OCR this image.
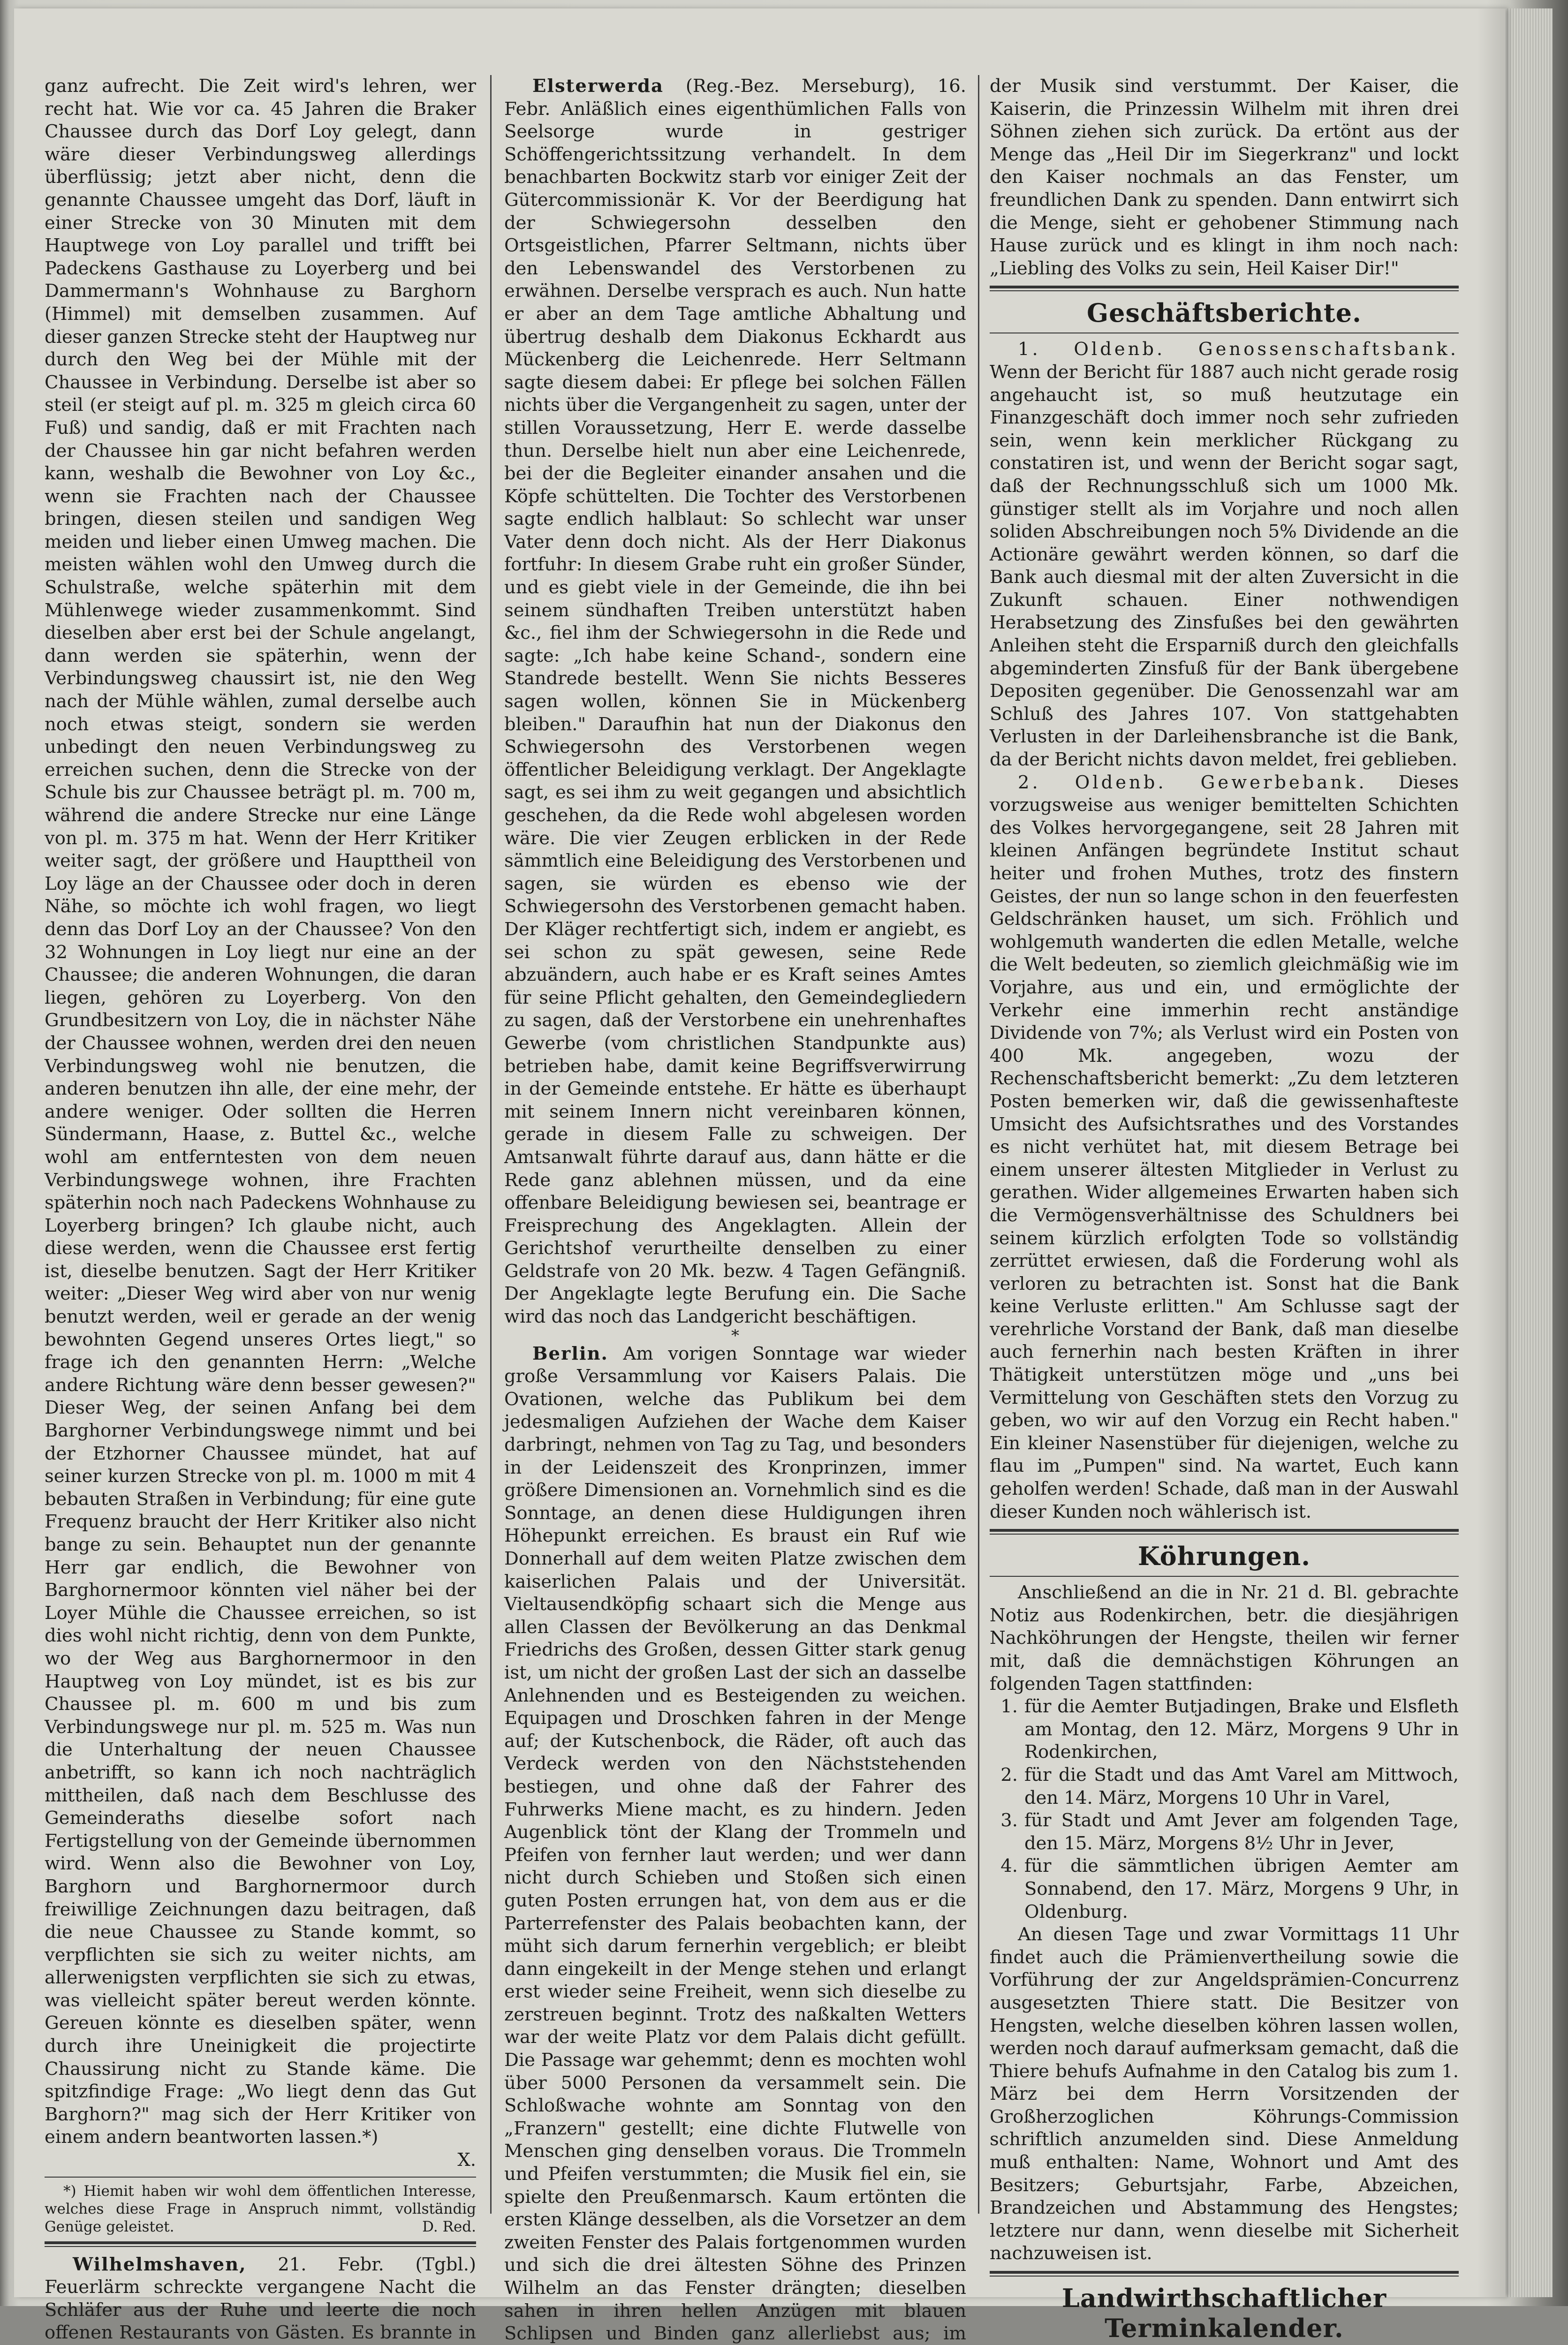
ganz aufrecht. Die Zeit wird's lehren, wer recht hat. Wie vor ca. 45 Jahren die Braker Chaussee durch das Dorf Loy gelegt, dann wäre dieser Verbindungsweg allerdings überflüssig; jetzt aber nicht, denn die genannte Chaussee umgeht das Dorf, läuft in einer Strecke von 30 Minuten mit dem Hauptwege von Loy parallel und trifft bei Padeckens Gasthause zu Loyerberg und bei Dammermann's Wohnhause zu Barghorn (Himmel) mit demselben zusammen. Auf dieser ganzen Strecke steht der Hauptweg nur durch den Weg bei der Mühle mit der Chaussee in Verbindung. Derselbe ist aber so steil (er steigt auf pl. m. 325 m gleich circa 60 Fuß) und sandig, daß er mit Frachten nach der Chaussee hin gar nicht befahren werden kann, weshalb die Bewohner von Loy &c., wenn sie Frachten nach der Chaussee bringen, diesen steilen und sandigen Weg meiden und lieber einen Umweg machen. Die meisten wählen wohl den Umweg durch die Schulstraße, welche späterhin mit dem Mühlenwege wieder zusammenkommt. Sind dieselben aber erst bei der Schule angelangt, dann werden sie späterhin, wenn der Verbindungsweg chaussirt ist, nie den Weg nach der Mühle wählen, zumal derselbe auch noch etwas steigt, sondern sie werden unbedingt den neuen Verbindungsweg zu erreichen suchen, denn die Strecke von der Schule bis zur Chaussee beträgt pl. m. 700 m, während die andere Strecke nur eine Länge von pl. m. 375 m hat. Wenn der Herr Kritiker weiter sagt, der größere und Haupttheil von Loy läge an der Chaussee oder doch in deren Nähe, so möchte ich wohl fragen, wo liegt denn das Dorf Loy an der Chaussee? Von den 32 Wohnungen in Loy liegt nur eine an der Chaussee; die anderen Wohnungen, die daran liegen, gehören zu Loyerberg. Von den Grundbesitzern von Loy, die in nächster Nähe der Chaussee wohnen, werden drei den neuen Verbindungsweg wohl nie benutzen, die anderen benutzen ihn alle, der eine mehr, der andere weniger. Oder sollten die Herren Sündermann, Haase, z. Buttel &c., welche wohl am entferntesten von dem neuen Verbindungswege wohnen, ihre Frachten späterhin noch nach Padeckens Wohnhause zu Loyerberg bringen? Ich glaube nicht, auch diese werden, wenn die Chaussee erst fertig ist, dieselbe benutzen. Sagt der Herr Kritiker weiter: „Dieser Weg wird aber von nur wenig benutzt werden, weil er gerade an der wenig bewohnten Gegend unseres Ortes liegt," so frage ich den genannten Herrn: „Welche andere Richtung wäre denn besser gewesen?" Dieser Weg, der seinen Anfang bei dem Barghorner Verbindungswege nimmt und bei der Etzhorner Chaussee mündet, hat auf seiner kurzen Strecke von pl. m. 1000 m mit 4 bebauten Straßen in Verbindung; für eine gute Frequenz braucht der Herr Kritiker also nicht bange zu sein. Behauptet nun der genannte Herr gar endlich, die Bewohner von Barghornermoor könnten viel näher bei der Loyer Mühle die Chaussee erreichen, so ist dies wohl nicht richtig, denn von dem Punkte, wo der Weg aus Barghornermoor in den Hauptweg von Loy mündet, ist es bis zur Chaussee pl. m. 600 m und bis zum Verbindungswege nur pl. m. 525 m. Was nun die Unterhaltung der neuen Chaussee anbetrifft, so kann ich noch nachträglich mittheilen, daß nach dem Beschlusse des Gemeinderaths dieselbe sofort nach Fertigstellung von der Gemeinde übernommen wird. Wenn also die Bewohner von Loy, Barghorn und Barghornermoor durch freiwillige Zeichnungen dazu beitragen, daß die neue Chaussee zu Stande kommt, so verpflichten sie sich zu weiter nichts, am allerwenigsten verpflichten sie sich zu etwas, was vielleicht später bereut werden könnte. Gereuen könnte es dieselben später, wenn durch ihre Uneinigkeit die projectirte Chaussirung nicht zu Stande käme. Die spitzfindige Frage: „Wo liegt denn das Gut Barghorn?" mag sich der Herr Kritiker von einem andern beantworten lassen.*)

X.

*) Hiemit haben wir wohl dem öffentlichen Interesse, welches diese Frage in Anspruch nimmt, vollständig Genüge geleistet.	D. Red.

Wilhelmshaven, 21. Febr. (Tgbl.) Feuerlärm schreckte vergangene Nacht die Schläfer aus der Ruhe und leerte die noch offenen Restaurants von Gästen. Es brannte in

Elsterwerda (Reg.-Bez. Merseburg), 16. Febr. Anläßlich eines eigenthümlichen Falls von Seelsorge wurde in gestriger Schöffengerichtssitzung verhandelt. In dem benachbarten Bockwitz starb vor einiger Zeit der Gütercommissionär K. Vor der Beerdigung hat der Schwiegersohn desselben den Ortsgeistlichen, Pfarrer Seltmann, nichts über den Lebenswandel des Verstorbenen zu erwähnen. Derselbe versprach es auch. Nun hatte er aber an dem Tage amtliche Abhaltung und übertrug deshalb dem Diakonus Eckhardt aus Mückenberg die Leichenrede. Herr Seltmann sagte diesem dabei: Er pflege bei solchen Fällen nichts über die Vergangenheit zu sagen, unter der stillen Voraussetzung, Herr E. werde dasselbe thun. Derselbe hielt nun aber eine Leichenrede, bei der die Begleiter einander ansahen und die Köpfe schüttelten. Die Tochter des Verstorbenen sagte endlich halblaut: So schlecht war unser Vater denn doch nicht. Als der Herr Diakonus fortfuhr: In diesem Grabe ruht ein großer Sünder, und es giebt viele in der Gemeinde, die ihn bei seinem sündhaften Treiben unterstützt haben &c., fiel ihm der Schwiegersohn in die Rede und sagte: „Ich habe keine Schand-, sondern eine Standrede bestellt. Wenn Sie nichts Besseres sagen wollen, können Sie in Mückenberg bleiben." Daraufhin hat nun der Diakonus den Schwiegersohn des Verstorbenen wegen öffentlicher Beleidigung verklagt. Der Angeklagte sagt, es sei ihm zu weit gegangen und absichtlich geschehen, da die Rede wohl abgelesen worden wäre. Die vier Zeugen erblicken in der Rede sämmtlich eine Beleidigung des Verstorbenen und sagen, sie würden es ebenso wie der Schwiegersohn des Verstorbenen gemacht haben. Der Kläger rechtfertigt sich, indem er angiebt, es sei schon zu spät gewesen, seine Rede abzuändern, auch habe er es Kraft seines Amtes für seine Pflicht gehalten, den Gemeindegliedern zu sagen, daß der Verstorbene ein unehrenhaftes Gewerbe (vom christlichen Standpunkte aus) betrieben habe, damit keine Begriffsverwirrung in der Gemeinde entstehe. Er hätte es überhaupt mit seinem Innern nicht vereinbaren können, gerade in diesem Falle zu schweigen. Der Amtsanwalt führte darauf aus, dann hätte er die Rede ganz ablehnen müssen, und da eine offenbare Beleidigung bewiesen sei, beantrage er Freisprechung des Angeklagten. Allein der Gerichtshof verurtheilte denselben zu einer Geldstrafe von 20 Mk. bezw. 4 Tagen Gefängniß. Der Angeklagte legte Berufung ein. Die Sache wird das noch das Landgericht beschäftigen.

*

Berlin. Am vorigen Sonntage war wieder große Versammlung vor Kaisers Palais. Die Ovationen, welche das Publikum bei dem jedesmaligen Aufziehen der Wache dem Kaiser darbringt, nehmen von Tag zu Tag, und besonders in der Leidenszeit des Kronprinzen, immer größere Dimensionen an. Vornehmlich sind es die Sonntage, an denen diese Huldigungen ihren Höhepunkt erreichen. Es braust ein Ruf wie Donnerhall auf dem weiten Platze zwischen dem kaiserlichen Palais und der Universität. Vieltausendköpfig schaart sich die Menge aus allen Classen der Bevölkerung an das Denkmal Friedrichs des Großen, dessen Gitter stark genug ist, um nicht der großen Last der sich an dasselbe Anlehnenden und es Besteigenden zu weichen. Equipagen und Droschken fahren in der Menge auf; der Kutschenbock, die Räder, oft auch das Verdeck werden von den Nächststehenden bestiegen, und ohne daß der Fahrer des Fuhrwerks Miene macht, es zu hindern. Jeden Augenblick tönt der Klang der Trommeln und Pfeifen von fernher laut werden; und wer dann nicht durch Schieben und Stoßen sich einen guten Posten errungen hat, von dem aus er die Parterrefenster des Palais beobachten kann, der müht sich darum fernerhin vergeblich; er bleibt dann eingekeilt in der Menge stehen und erlangt erst wieder seine Freiheit, wenn sich dieselbe zu zerstreuen beginnt. Trotz des naßkalten Wetters war der weite Platz vor dem Palais dicht gefüllt. Die Passage war gehemmt; denn es mochten wohl über 5000 Personen da versammelt sein. Die Schloßwache wohnte am Sonntag von den „Franzern" gestellt; eine dichte Flutwelle von Menschen ging denselben voraus. Die Trommeln und Pfeifen verstummten; die Musik fiel ein, sie spielte den Preußenmarsch. Kaum ertönten die ersten Klänge desselben, als die Vorsetzer an dem zweiten Fenster des Palais fortgenommen wurden und sich die drei ältesten Söhne des Prinzen Wilhelm an das Fenster drängten; dieselben sahen in ihren hellen Anzügen mit blauen Schlipsen und Binden ganz allerliebst aus; im

der Musik sind verstummt. Der Kaiser, die Kaiserin, die Prinzessin Wilhelm mit ihren drei Söhnen ziehen sich zurück. Da ertönt aus der Menge das „Heil Dir im Siegerkranz" und lockt den Kaiser nochmals an das Fenster, um freundlichen Dank zu spenden. Dann entwirrt sich die Menge, sieht er gehobener Stimmung nach Hause zurück und es klingt in ihm noch nach: „Liebling des Volks zu sein, Heil Kaiser Dir!"

Geschäftsberichte.

1. Oldenb. Genossenschaftsbank. Wenn der Bericht für 1887 auch nicht gerade rosig angehaucht ist, so muß heutzutage ein Finanzgeschäft doch immer noch sehr zufrieden sein, wenn kein merklicher Rückgang zu constatiren ist, und wenn der Bericht sogar sagt, daß der Rechnungsschluß sich um 1000 Mk. günstiger stellt als im Vorjahre und noch allen soliden Abschreibungen noch 5% Dividende an die Actionäre gewährt werden können, so darf die Bank auch diesmal mit der alten Zuversicht in die Zukunft schauen. Einer nothwendigen Herabsetzung des Zinsfußes bei den gewährten Anleihen steht die Ersparniß durch den gleichfalls abgeminderten Zinsfuß für der Bank übergebene Depositen gegenüber. Die Genossenzahl war am Schluß des Jahres 107. Von stattgehabten Verlusten in der Darleihensbranche ist die Bank, da der Bericht nichts davon meldet, frei geblieben.

2. Oldenb. Gewerbebank. Dieses vorzugsweise aus weniger bemittelten Schichten des Volkes hervorgegangene, seit 28 Jahren mit kleinen Anfängen begründete Institut schaut heiter und frohen Muthes, trotz des finstern Geistes, der nun so lange schon in den feuerfesten Geldschränken hauset, um sich. Fröhlich und wohlgemuth wanderten die edlen Metalle, welche die Welt bedeuten, so ziemlich gleichmäßig wie im Vorjahre, aus und ein, und ermöglichte der Verkehr eine immerhin recht anständige Dividende von 7%; als Verlust wird ein Posten von 400 Mk. angegeben, wozu der Rechenschaftsbericht bemerkt: „Zu dem letzteren Posten bemerken wir, daß die gewissenhafteste Umsicht des Aufsichtsrathes und des Vorstandes es nicht verhütet hat, mit diesem Betrage bei einem unserer ältesten Mitglieder in Verlust zu gerathen. Wider allgemeines Erwarten haben sich die Vermögensverhältnisse des Schuldners bei seinem kürzlich erfolgten Tode so vollständig zerrüttet erwiesen, daß die Forderung wohl als verloren zu betrachten ist. Sonst hat die Bank keine Verluste erlitten." Am Schlusse sagt der verehrliche Vorstand der Bank, daß man dieselbe auch fernerhin nach besten Kräften in ihrer Thätigkeit unterstützen möge und „uns bei Vermittelung von Geschäften stets den Vorzug zu geben, wo wir auf den Vorzug ein Recht haben." Ein kleiner Nasenstüber für diejenigen, welche zu flau im „Pumpen" sind. Na wartet, Euch kann geholfen werden! Schade, daß man in der Auswahl dieser Kunden noch wählerisch ist.

Köhrungen.

Anschließend an die in Nr. 21 d. Bl. gebrachte Notiz aus Rodenkirchen, betr. die diesjährigen Nachköhrungen der Hengste, theilen wir ferner mit, daß die demnächstigen Köhrungen an folgenden Tagen stattfinden:

1. für die Aemter Butjadingen, Brake und Elsfleth am Montag, den 12. März, Morgens 9 Uhr in Rodenkirchen,
2. für die Stadt und das Amt Varel am Mittwoch, den 14. März, Morgens 10 Uhr in Varel,
3. für Stadt und Amt Jever am folgenden Tage, den 15. März, Morgens 8½ Uhr in Jever,
4. für die sämmtlichen übrigen Aemter am Sonnabend, den 17. März, Morgens 9 Uhr, in Oldenburg.

An diesen Tage und zwar Vormittags 11 Uhr findet auch die Prämienvertheilung sowie die Vorführung der zur Angeldsprämien-Concurrenz ausgesetzten Thiere statt. Die Besitzer von Hengsten, welche dieselben köhren lassen wollen, werden noch darauf aufmerksam gemacht, daß die Thiere behufs Aufnahme in den Catalog bis zum 1. März bei dem Herrn Vorsitzenden der Großherzoglichen Köhrungs-Commission schriftlich anzumelden sind. Diese Anmeldung muß enthalten: Name, Wohnort und Amt des Besitzers; Geburtsjahr, Farbe, Abzeichen, Brandzeichen und Abstammung des Hengstes; letztere nur dann, wenn dieselbe mit Sicherheit nachzuweisen ist.

Landwirthschaftlicher Terminkalender.
